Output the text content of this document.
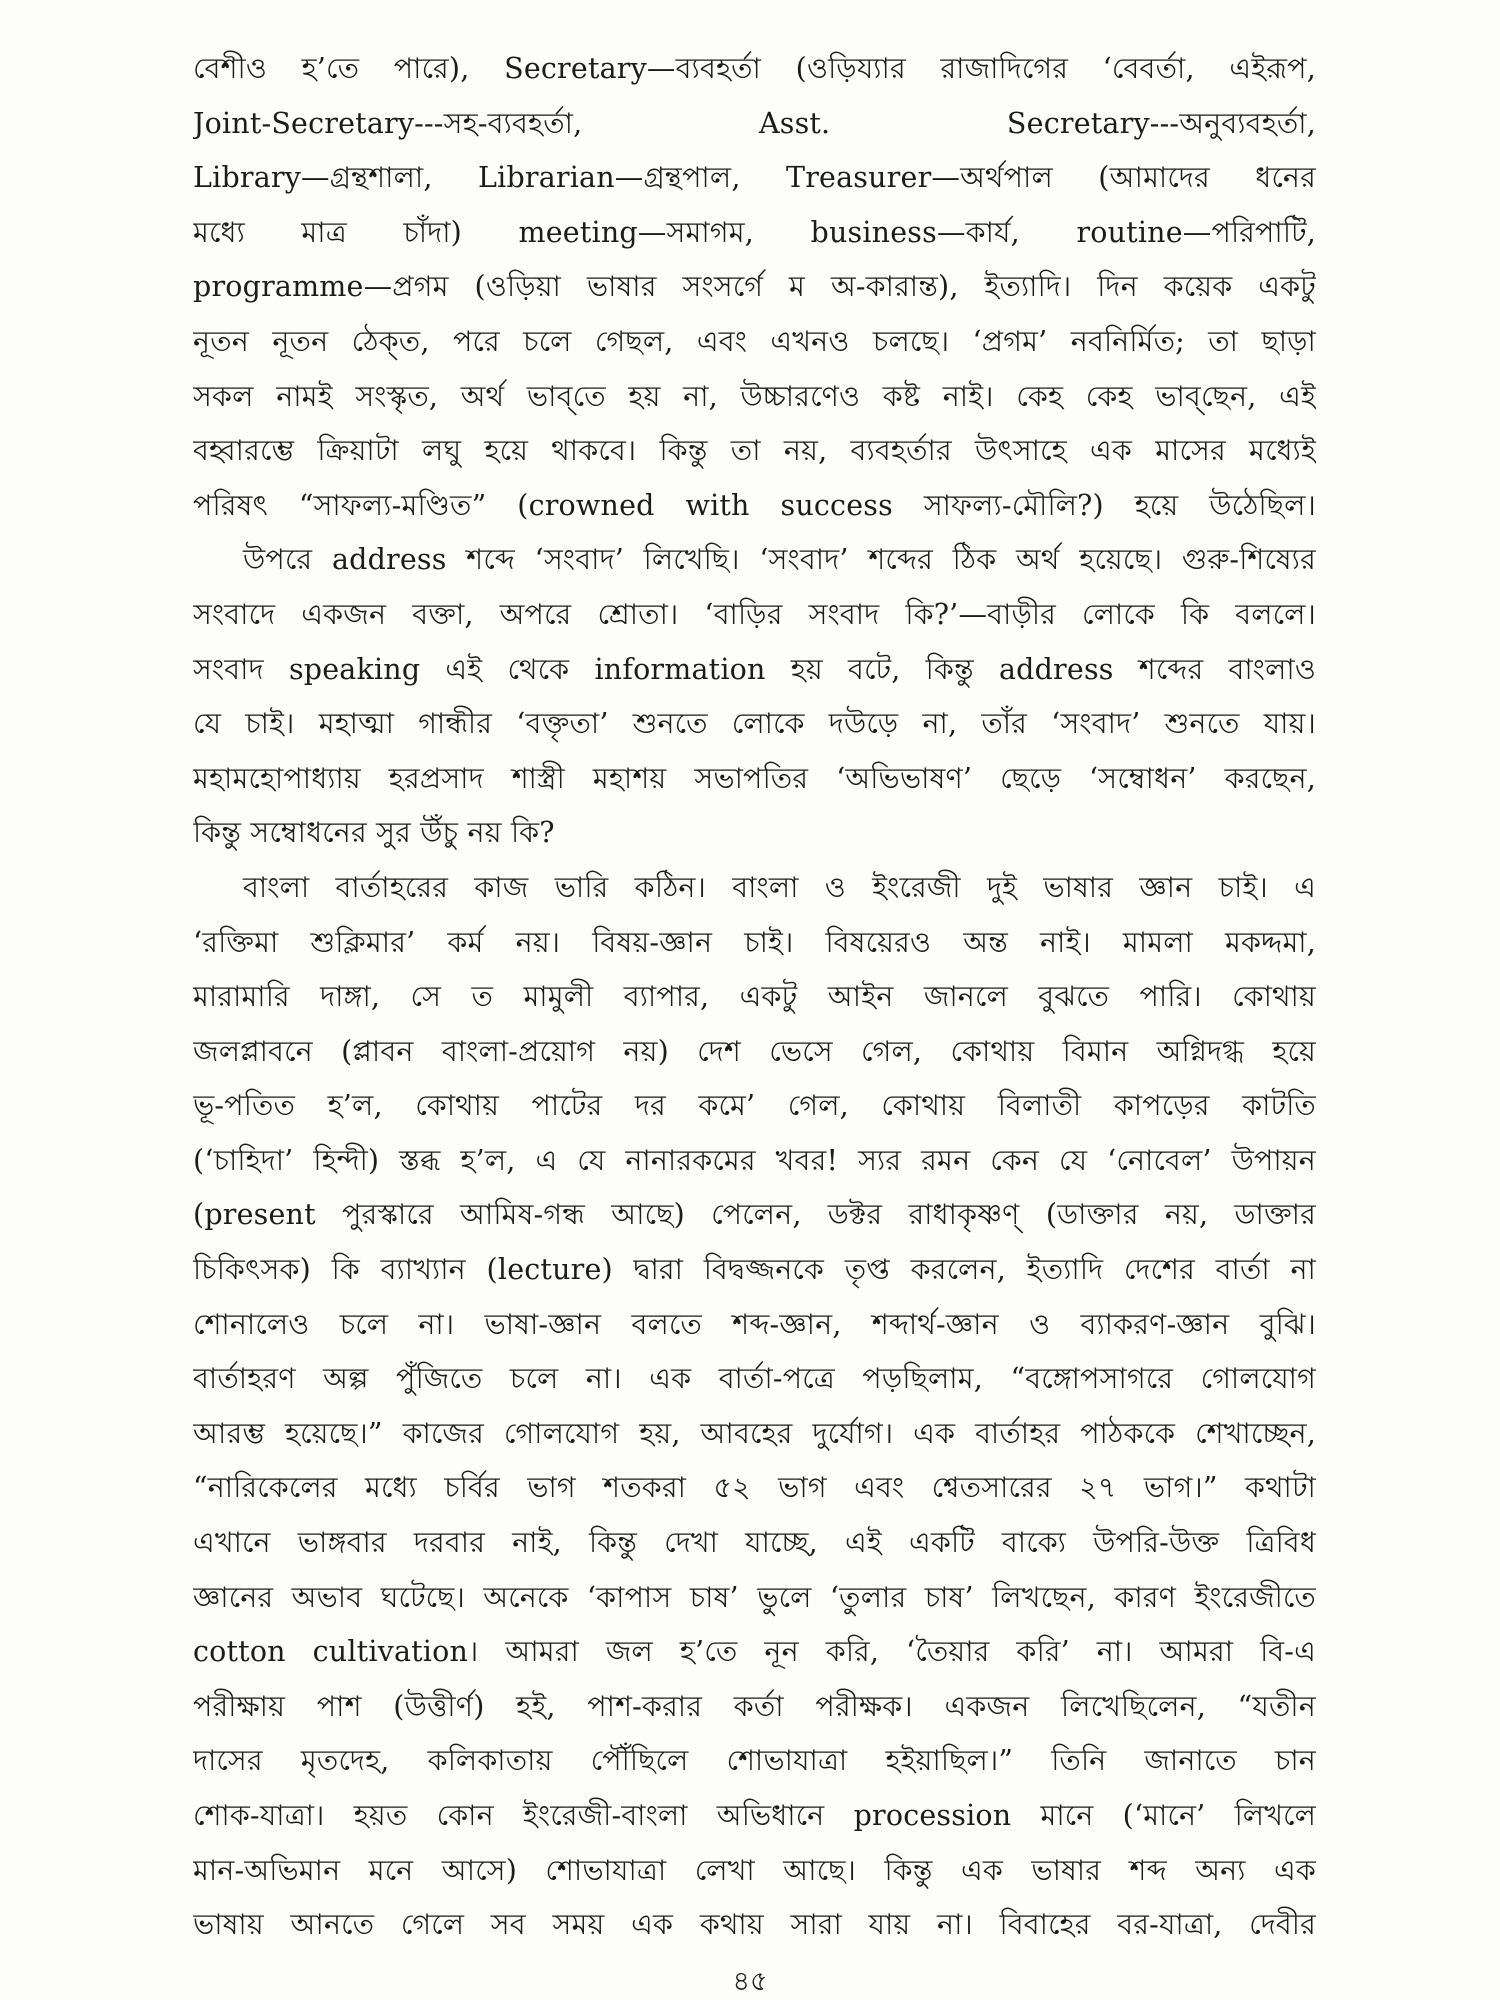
বেশীও হ’তে পারে), Secretary—ব্যবহর্তা (ওড়িয্যার রাজাদিগের ‘বেবর্তা, এইরূপ,
Joint-Secretary---সহ-ব্যবহর্তা, Asst. Secretary---অনুব্যবহর্তা,
Library—গ্রন্থশালা, Librarian—গ্রন্থপাল, Treasurer—অর্থপাল (আমাদের ধনের
মধ্যে মাত্র চাঁদা) meeting—সমাগম, business—কার্য, routine—পরিপাটি,
programme—প্রগম (ওড়িয়া ভাষার সংসর্গে ম অ-কারান্ত), ইত্যাদি। দিন কয়েক একটু
নূতন নূতন ঠেক্‌ত, পরে চলে গেছল, এবং এখনও চলছে। ‘প্রগম’ নবনির্মিত; তা ছাড়া
সকল নামই সংস্কৃত, অর্থ ভাব্‌তে হয় না, উচ্চারণেও কষ্ট নাই। কেহ কেহ ভাব্‌ছেন, এই
বহ্বারম্ভে ক্রিয়াটা লঘু হয়ে থাকবে। কিন্তু তা নয়, ব্যবহর্তার উৎসাহে এক মাসের মধ্যেই
পরিষৎ “সাফল্য-মণ্ডিত” (crowned with success সাফল্য-মৌলি?) হয়ে উঠেছিল।
উপরে address শব্দে ‘সংবাদ’ লিখেছি। ‘সংবাদ’ শব্দের ঠিক অর্থ হয়েছে। গুরু-শিষ্যের
সংবাদে একজন বক্তা, অপরে শ্রোতা। ‘বাড়ির সংবাদ কি?’—বাড়ীর লোকে কি বললে।
সংবাদ speaking এই থেকে information হয় বটে, কিন্তু address শব্দের বাংলাও
যে চাই। মহাত্মা গান্ধীর ‘বক্তৃতা’ শুনতে লোকে দউড়ে না, তাঁর ‘সংবাদ’ শুনতে যায়।
মহামহোপাধ্যায় হরপ্রসাদ শাস্ত্রী মহাশয় সভাপতির ‘অভিভাষণ’ ছেড়ে ‘সম্বোধন’ করছেন,
কিন্তু সম্বোধনের সুর উঁচু নয় কি?
বাংলা বার্তাহরের কাজ ভারি কঠিন। বাংলা ও ইংরেজী দুই ভাষার জ্ঞান চাই। এ
‘রক্তিমা শুক্লিমার’ কর্ম নয়। বিষয়-জ্ঞান চাই। বিষয়েরও অন্ত নাই। মামলা মকদ্দমা,
মারামারি দাঙ্গা, সে ত মামুলী ব্যাপার, একটু আইন জানলে বুঝতে পারি। কোথায়
জলপ্লাবনে (প্লাবন বাংলা-প্রয়োগ নয়) দেশ ভেসে গেল, কোথায় বিমান অগ্নিদগ্ধ হয়ে
ভূ-পতিত হ’ল, কোথায় পাটের দর কমে’ গেল, কোথায় বিলাতী কাপড়ের কাটতি
(‘চাহিদা’ হিন্দী) স্তব্ধ হ’ল, এ যে নানারকমের খবর! স্যর রমন কেন যে ‘নোবেল’ উপায়ন
(present পুরস্কারে আমিষ-গন্ধ আছে) পেলেন, ডক্টর রাধাকৃষ্ণণ্‌ (ডাক্তার নয়, ডাক্তার
চিকিৎসক) কি ব্যাখ্যান (lecture) দ্বারা বিদ্বজ্জনকে তৃপ্ত করলেন, ইত্যাদি দেশের বার্তা না
শোনালেও চলে না। ভাষা-জ্ঞান বলতে শব্দ-জ্ঞান, শব্দার্থ-জ্ঞান ও ব্যাকরণ-জ্ঞান বুঝি।
বার্তাহরণ অল্প পুঁজিতে চলে না। এক বার্তা-পত্রে পড়ছিলাম, “বঙ্গোপসাগরে গোলযোগ
আরম্ভ হয়েছে।” কাজের গোলযোগ হয়, আবহের দুর্যোগ। এক বার্তাহর পাঠককে শেখাচ্ছেন,
“নারিকেলের মধ্যে চর্বির ভাগ শতকরা ৫২ ভাগ এবং শ্বেতসারের ২৭ ভাগ।” কথাটা
এখানে ভাঙ্গবার দরবার নাই, কিন্তু দেখা যাচ্ছে, এই একটি বাক্যে উপরি-উক্ত ত্রিবিধ
জ্ঞানের অভাব ঘটেছে। অনেকে ‘কাপাস চাষ’ ভুলে ‘তুলার চাষ’ লিখছেন, কারণ ইংরেজীতে
cotton cultivation। আমরা জল হ’তে নূন করি, ‘তৈয়ার করি’ না। আমরা বি-এ
পরীক্ষায় পাশ (উত্তীর্ণ) হই, পাশ-করার কর্তা পরীক্ষক। একজন লিখেছিলেন, “যতীন
দাসের মৃতদেহ, কলিকাতায় পৌঁছিলে শোভাযাত্রা হইয়াছিল।” তিনি জানাতে চান
শোক-যাত্রা। হয়ত কোন ইংরেজী-বাংলা অভিধানে procession মানে (‘মানে’ লিখলে
মান-অভিমান মনে আসে) শোভাযাত্রা লেখা আছে। কিন্তু এক ভাষার শব্দ অন্য এক
ভাষায় আনতে গেলে সব সময় এক কথায় সারা যায় না। বিবাহের বর-যাত্রা, দেবীর
৪৫
